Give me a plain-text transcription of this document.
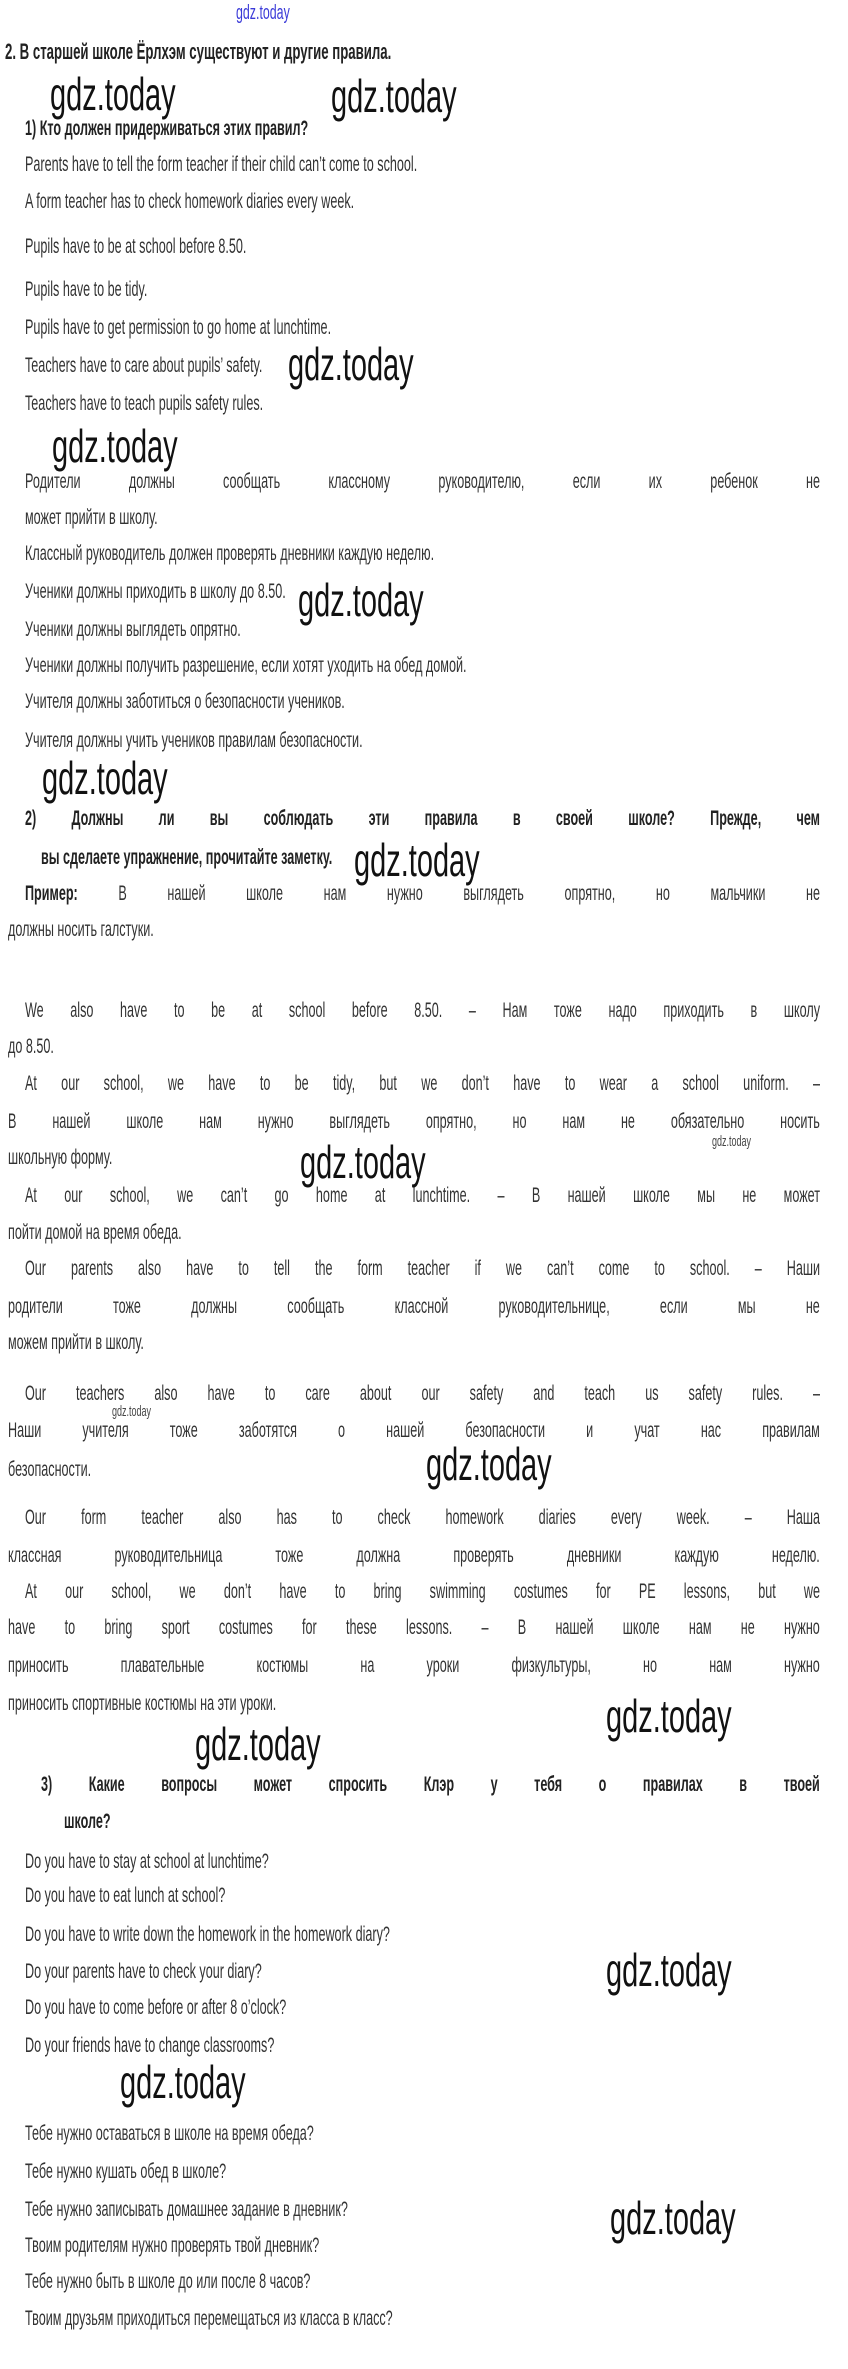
gdz.today
2. В старшей школе Ёрлхэм существуют и другие правила.
1) Кто должен придерживаться этих правил?
Parents have to tell the form teacher if their child can’t come to school.
A form teacher has to check homework diaries every week.
Pupils have to be at school before 8.50.
Pupils have to be tidy.
Pupils have to get permission to go home at lunchtime.
Teachers have to care about pupils’ safety.
Teachers have to teach pupils safety rules.
Родители должны сообщать классному руководителю, если их ребенок не
может прийти в школу.
Классный руководитель должен проверять дневники каждую неделю.
Ученики должны приходить в школу до 8.50.
Ученики должны выглядеть опрятно.
Ученики должны получить разрешение, если хотят уходить на обед домой.
Учителя должны заботиться о безопасности учеников.
Учителя должны учить учеников правилам безопасности.
2) Должны ли вы соблюдать эти правила в своей школе? Прежде, чем
вы сделаете упражнение, прочитайте заметку.
Пример: В нашей школе нам нужно выглядеть опрятно, но мальчики не
должны носить галстуки.
We also have to be at school before 8.50. – Нам тоже надо приходить в школу
до 8.50.
At our school, we have to be tidy, but we don’t have to wear a school uniform. –
В нашей школе нам нужно выглядеть опрятно, но нам не обязательно носить
школьную форму.
At our school, we can’t go home at lunchtime. – В нашей школе мы не может
пойти домой на время обеда.
Our parents also have to tell the form teacher if we can’t come to school. – Наши
родители тоже должны сообщать классной руководительнице, если мы не
можем прийти в школу.
Our teachers also have to care about our safety and teach us safety rules. –
Наши учителя тоже заботятся о нашей безопасности и учат нас правилам
безопасности.
Our form teacher also has to check homework diaries every week. – Наша
классная руководительница тоже должна проверять дневники каждую неделю.
At our school, we don’t have to bring swimming costumes for PE lessons, but we
have to bring sport costumes for these lessons. – В нашей школе нам не нужно
приносить плавательные костюмы на уроки физкультуры, но нам нужно
приносить спортивные костюмы на эти уроки.
3) Какие вопросы может спросить Клэр у тебя о правилах в твоей
школе?
Do you have to stay at school at lunchtime?
Do you have to eat lunch at school?
Do you have to write down the homework in the homework diary?
Do your parents have to check your diary?
Do you have to come before or after 8 o’clock?
Do your friends have to change classrooms?
Тебе нужно оставаться в школе на время обеда?
Тебе нужно кушать обед в школе?
Тебе нужно записывать домашнее задание в дневник?
Твоим родителям нужно проверять твой дневник?
Тебе нужно быть в школе до или после 8 часов?
Твоим друзьям приходиться перемещаться из класса в класс?
gdz.today	gdz.today
gdz.today
gdz.today
gdz.today
gdz.today
gdz.today
gdz.today
gdz.today
gdz.today
gdz.today
gdz.today
gdz.today
gdz.today
gdz.today
gdz.today
